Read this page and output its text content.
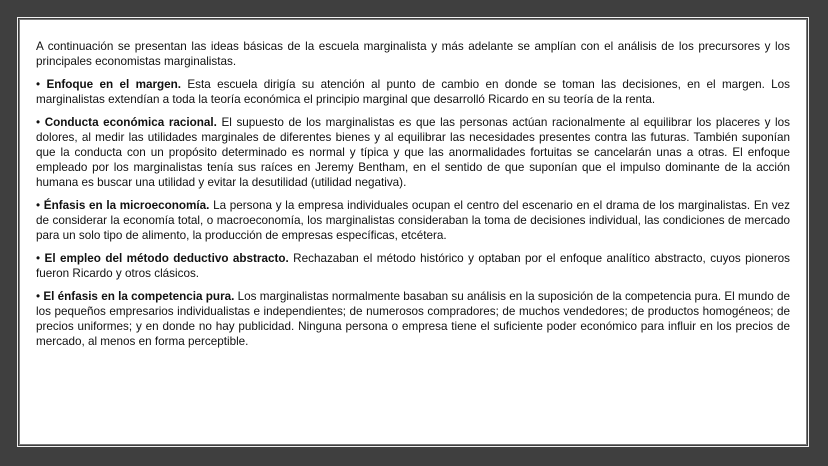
A continuación se presentan las ideas básicas de la escuela marginalista y más adelante se amplían con el análisis de los precursores y los principales economistas marginalistas.

• Enfoque en el margen. Esta escuela dirigía su atención al punto de cambio en donde se toman las decisiones, en el margen. Los marginalistas extendían a toda la teoría económica el principio marginal que desarrolló Ricardo en su teoría de la renta.

• Conducta económica racional. El supuesto de los marginalistas es que las personas actúan racionalmente al equilibrar los placeres y los dolores, al medir las utilidades marginales de diferentes bienes y al equilibrar las necesidades presentes contra las futuras. También suponían que la conducta con un propósito determinado es normal y típica y que las anormalidades fortuitas se cancelarán unas a otras. El enfoque empleado por los marginalistas tenía sus raíces en Jeremy Bentham, en el sentido de que suponían que el impulso dominante de la acción humana es buscar una utilidad y evitar la desutilidad (utilidad negativa).

• Énfasis en la microeconomía. La persona y la empresa individuales ocupan el centro del escenario en el drama de los marginalistas. En vez de considerar la economía total, o macroeconomía, los marginalistas consideraban la toma de decisiones individual, las condiciones de mercado para un solo tipo de alimento, la producción de empresas específicas, etcétera.

• El empleo del método deductivo abstracto. Rechazaban el método histórico y optaban por el enfoque analítico abstracto, cuyos pioneros fueron Ricardo y otros clásicos.

• El énfasis en la competencia pura. Los marginalistas normalmente basaban su análisis en la suposición de la competencia pura. El mundo de los pequeños empresarios individualistas e independientes; de numerosos compradores; de muchos vendedores; de productos homogéneos; de precios uniformes; y en donde no hay publicidad. Ninguna persona o empresa tiene el suficiente poder económico para influir en los precios de mercado, al menos en forma perceptible.
